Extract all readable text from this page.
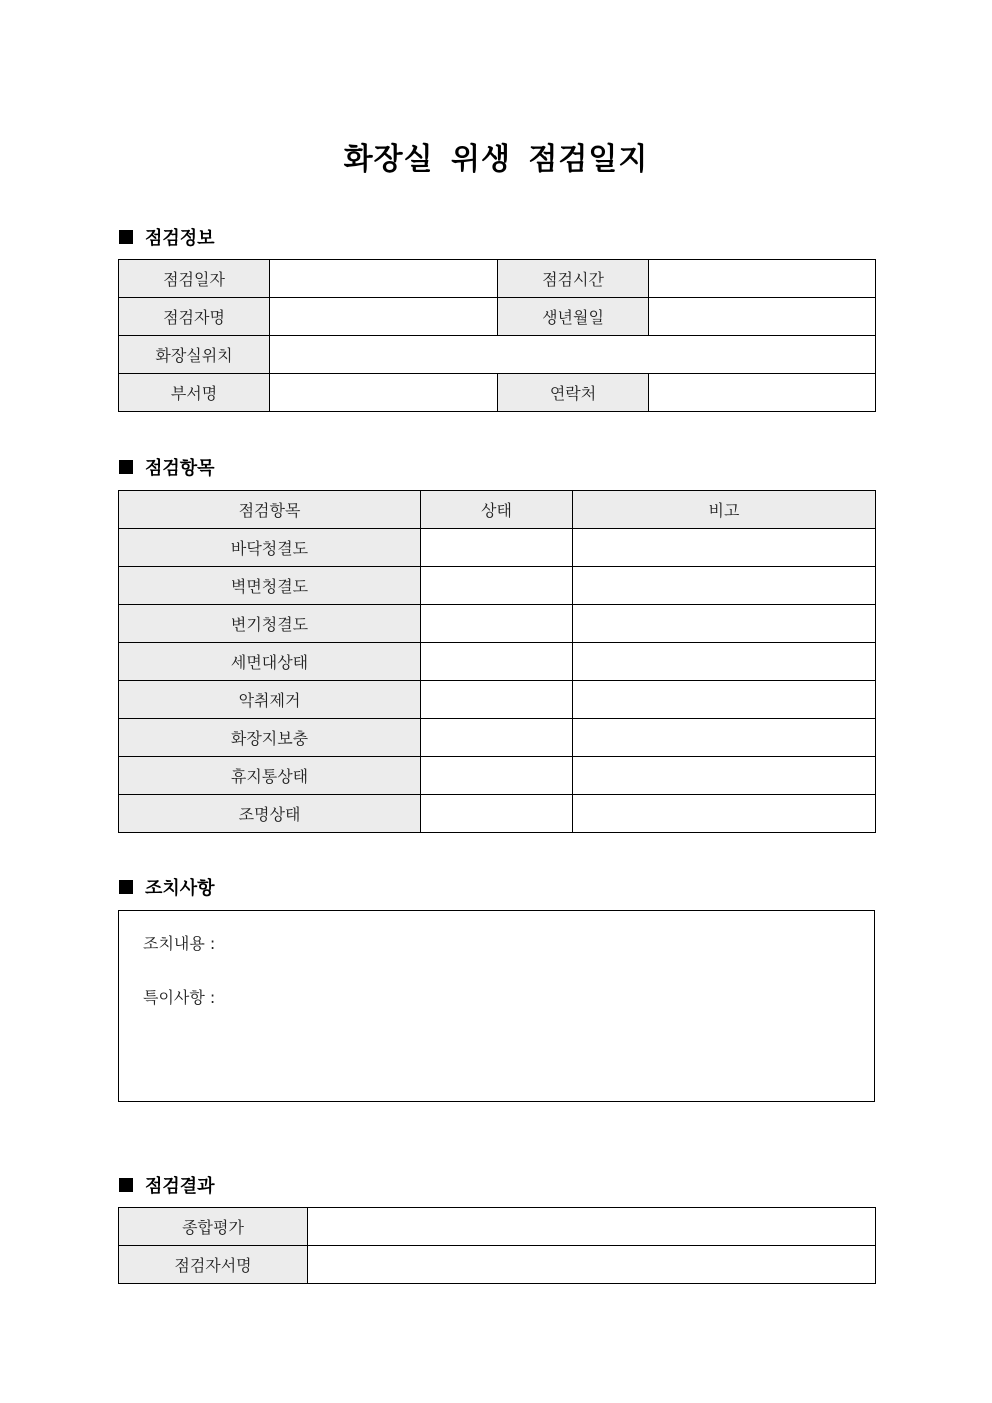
화장실 위생 점검일지
점검정보
점검일자		점검시간	
점검자명		생년월일	
화장실위치			
부서명		연락처	
점검항목
점검항목	상태	비고
바닥청결도		
벽면청결도		
변기청결도		
세면대상태		
악취제거		
화장지보충		
휴지통상태		
조명상태		
조치사항
조치내용 :
특이사항 :
점검결과
종합평가	
점검자서명	
